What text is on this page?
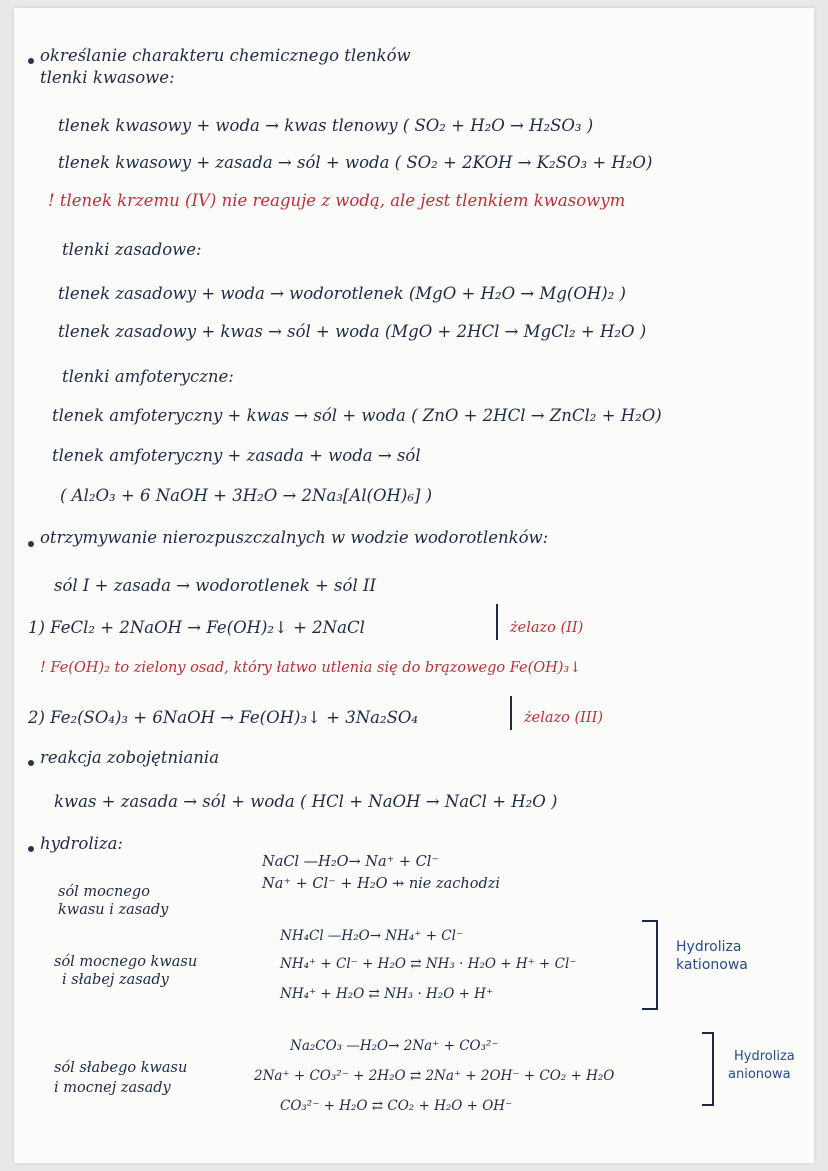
określanie charakteru chemicznego tlenków
tlenki kwasowe:
tlenek kwasowy + woda → kwas tlenowy ( SO₂ + H₂O → H₂SO₃ )
tlenek kwasowy + zasada → sól + woda ( SO₂ + 2KOH → K₂SO₃ + H₂O)
! tlenek krzemu (IV) nie reaguje z wodą, ale jest tlenkiem kwasowym
tlenki zasadowe:
tlenek zasadowy + woda → wodorotlenek (MgO + H₂O → Mg(OH)₂ )
tlenek zasadowy + kwas → sól + woda (MgO + 2HCl → MgCl₂ + H₂O )
tlenki amfoteryczne:
tlenek amfoteryczny + kwas → sól + woda ( ZnO + 2HCl → ZnCl₂ + H₂O)
tlenek amfoteryczny + zasada + woda → sól
( Al₂O₃ + 6 NaOH + 3H₂O → 2Na₃[Al(OH)₆] )
otrzymywanie nierozpuszczalnych w wodzie wodorotlenków:
sól I + zasada → wodorotlenek + sól II
1) FeCl₂ + 2NaOH → Fe(OH)₂↓ + 2NaCl	żelazo (II)
! Fe(OH)₂ to zielony osad, który łatwo utlenia się do brązowego Fe(OH)₃↓
2) Fe₂(SO₄)₃ + 6NaOH → Fe(OH)₃↓ + 3Na₂SO₄	żelazo (III)
reakcja zobojętniania
kwas + zasada → sól + woda ( HCl + NaOH → NaCl + H₂O )
hydroliza:
sól mocnego
kwasu i zasady
NaCl —H₂O→ Na⁺ + Cl⁻
Na⁺ + Cl⁻ + H₂O ⇸ nie zachodzi
sól mocnego kwasu
i słabej zasady
NH₄Cl —H₂O→ NH₄⁺ + Cl⁻
NH₄⁺ + Cl⁻ + H₂O ⇄ NH₃ · H₂O + H⁺ + Cl⁻
NH₄⁺ + H₂O ⇄ NH₃ · H₂O + H⁺
Hydroliza
kationowa
sól słabego kwasu
i mocnej zasady
Na₂CO₃ —H₂O→ 2Na⁺ + CO₃²⁻
2Na⁺ + CO₃²⁻ + 2H₂O ⇄ 2Na⁺ + 2OH⁻ + CO₂ + H₂O
CO₃²⁻ + H₂O ⇄ CO₂ + H₂O + OH⁻
Hydroliza
anionowa
